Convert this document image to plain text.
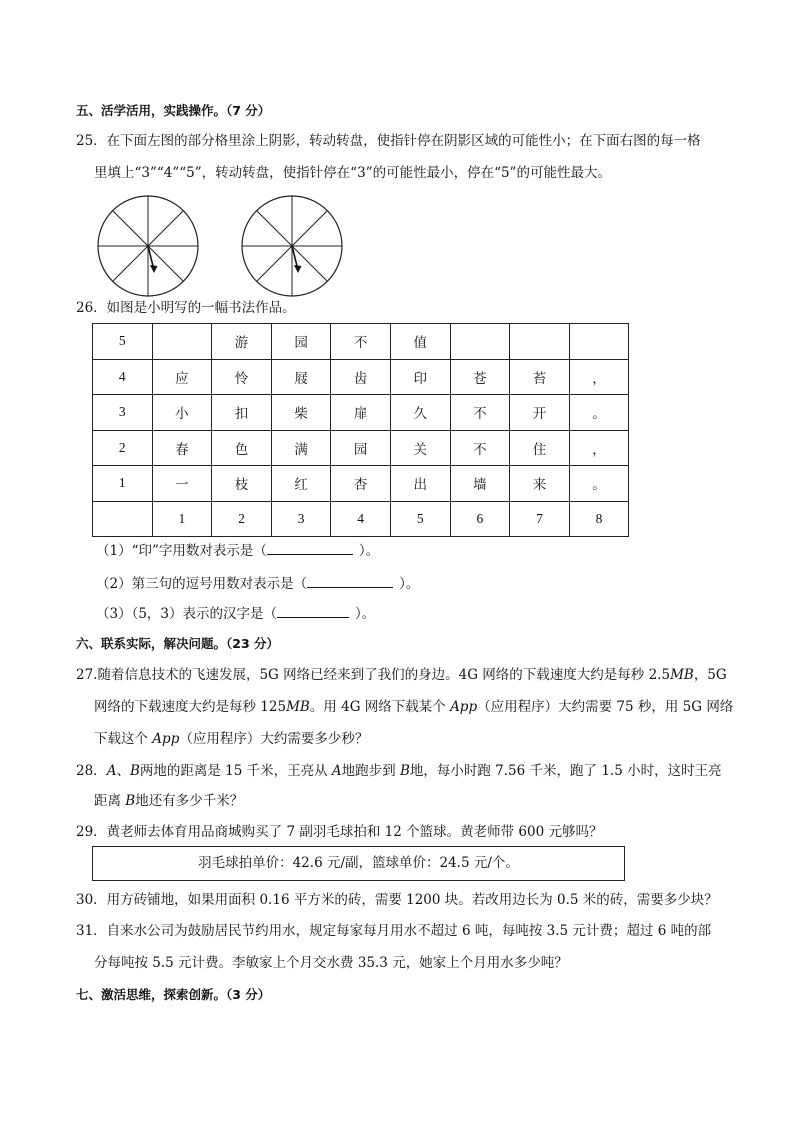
五、活学活用，实践操作。（7 分）
25．在下面左图的部分格里涂上阴影，转动转盘，使指针停在阴影区域的可能性小；在下面右图的每一格
里填上“3”“4”“5”，转动转盘，使指针停在“3”的可能性最小，停在“5”的可能性最大。
26．如图是小明写的一幅书法作品。
5		游	园	不	值			
4	应	怜	屐	齿	印	苍	苔	，
3	小	扣	柴	扉	久	不	开	。
2	春	色	满	园	关	不	住	，
1	一	枝	红	杏	出	墙	来	。
	1	2	3	4	5	6	7	8
（1）“印”字用数对表示是（	）。
（2）第三句的逗号用数对表示是（	）。
（3）（5，3）表示的汉字是（	）。
六、联系实际，解决问题。（23 分）
27.随着信息技术的飞速发展，5G 网络已经来到了我们的身边。4G 网络的下载速度大约是每秒 2.5MB，5G
网络的下载速度大约是每秒 125MB。用 4G 网络下载某个 App（应用程序）大约需要 75 秒，用 5G 网络
下载这个 App（应用程序）大约需要多少秒？
28．A、B两地的距离是 15 千米，王亮从 A地跑步到 B地，每小时跑 7.56 千米，跑了 1.5 小时，这时王亮
距离 B地还有多少千米？
29．黄老师去体育用品商城购买了 7 副羽毛球拍和 12 个篮球。黄老师带 600 元够吗？
羽毛球拍单价：42.6 元/副，篮球单价：24.5 元/个。
30．用方砖铺地，如果用面积 0.16 平方米的砖，需要 1200 块。若改用边长为 0.5 米的砖，需要多少块？
31．自来水公司为鼓励居民节约用水，规定每家每月用水不超过 6 吨，每吨按 3.5 元计费；超过 6 吨的部
分每吨按 5.5 元计费。李敏家上个月交水费 35.3 元，她家上个月用水多少吨？
七、激活思维，探索创新。（3 分）
